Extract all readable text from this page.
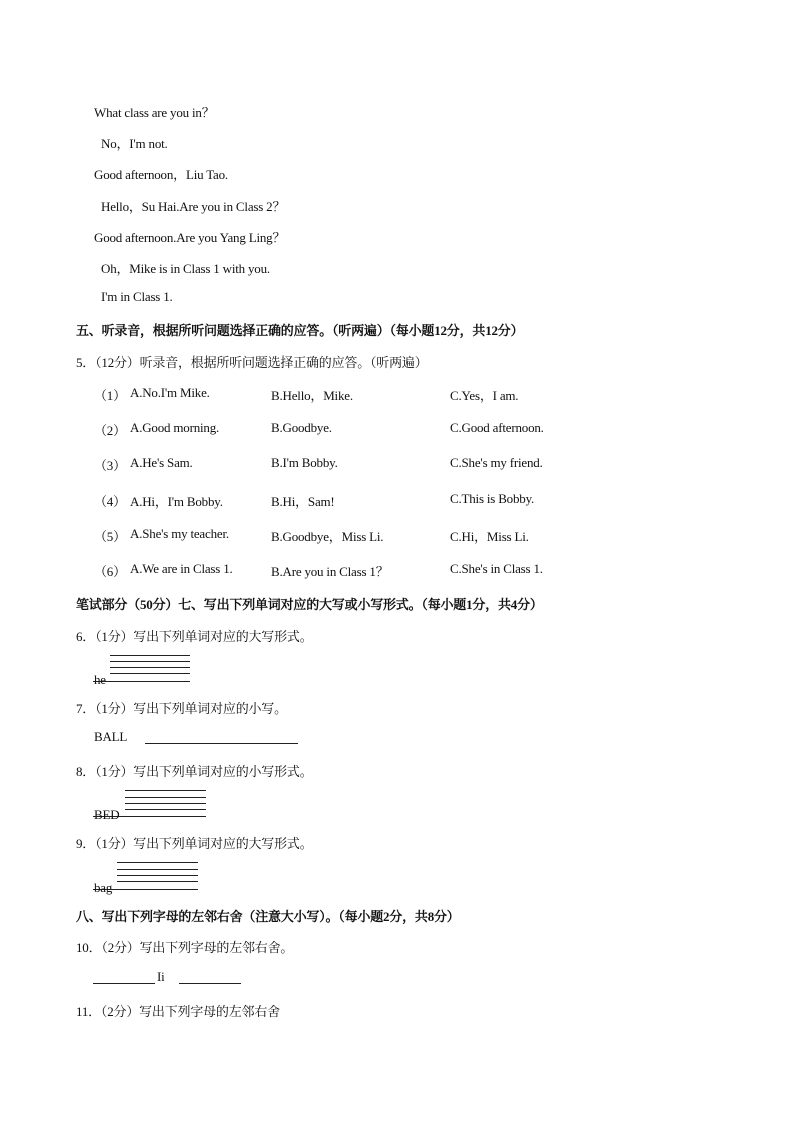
What class are you in？
No，I'm not.
Good afternoon，Liu Tao.
Hello，Su Hai.Are you in Class 2？
Good afternoon.Are you Yang Ling？
Oh，Mike is in Class 1 with you.
I'm in Class 1.
五、听录音，根据所听问题选择正确的应答。（听两遍）（每小题12分，共12分）
5．（12分）听录音，根据所听问题选择正确的应答。（听两遍）
（1） A.No.I'm Mike.	B.Hello，Mike.	C.Yes，I am.
（2） A.Good morning.	B.Goodbye.	C.Good afternoon.
（3） A.He's Sam.	B.I'm Bobby.	C.She's my friend.
（4） A.Hi，I'm Bobby.	B.Hi，Sam!	C.This is Bobby.
（5） A.She's my teacher.	B.Goodbye，Miss Li.	C.Hi，Miss Li.
（6） A.We are in Class 1.	B.Are you in Class 1？	C.She's in Class 1.
笔试部分（50分）七、写出下列单词对应的大写或小写形式。（每小题1分，共4分）
6．（1分）写出下列单词对应的大写形式。
he
7．（1分）写出下列单词对应的小写。
BALL
8．（1分）写出下列单词对应的小写形式。
BED
9．（1分）写出下列单词对应的大写形式。
bag
八、写出下列字母的左邻右舍（注意大小写）。（每小题2分，共8分）
10．（2分）写出下列字母的左邻右舍。
Ii
11．（2分）写出下列字母的左邻右舍
